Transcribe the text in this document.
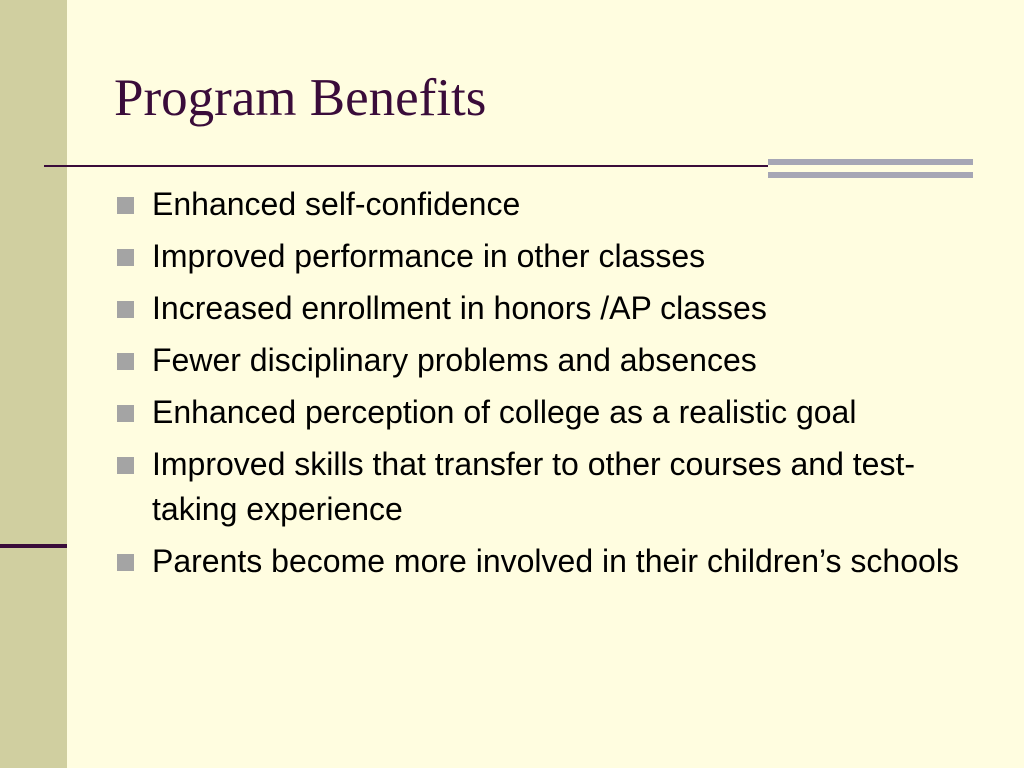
Program Benefits
Enhanced self-confidence
Improved performance in other classes
Increased enrollment in honors /AP classes
Fewer disciplinary problems and absences
Enhanced perception of college as a realistic goal
Improved skills that transfer to other courses and test-taking experience
Parents become more involved in their children’s schools
